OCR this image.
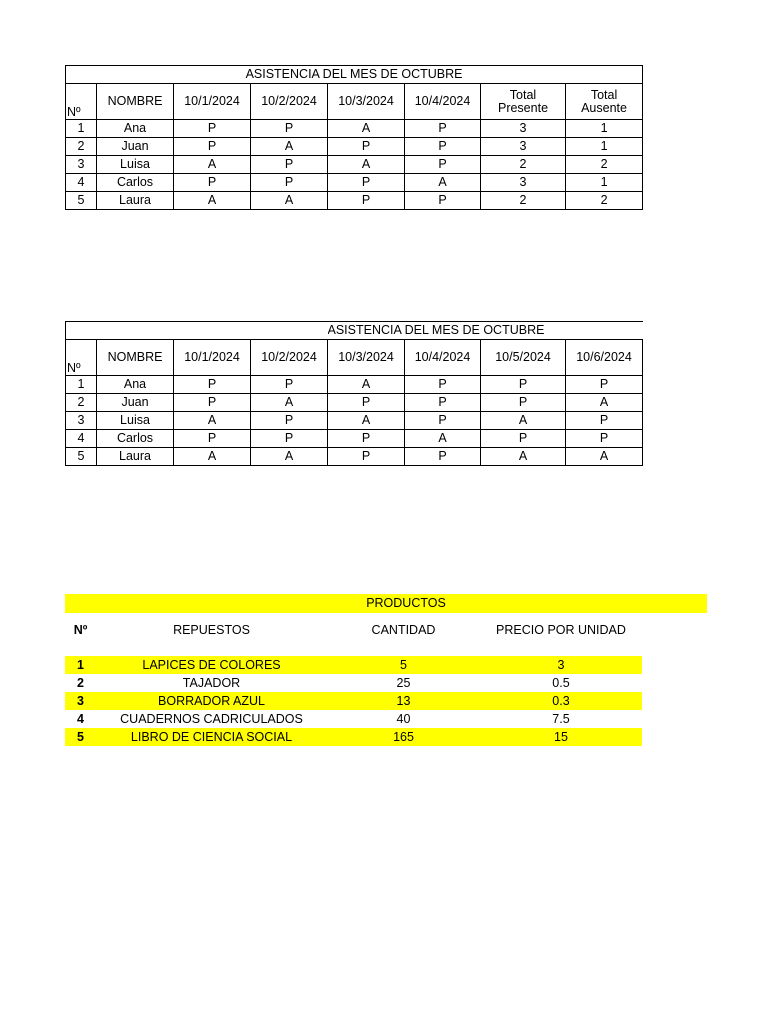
ASISTENCIA DEL MES DE OCTUBRE							
Nº	NOMBRE	10/1/2024	10/2/2024	10/3/2024	10/4/2024	Total Presente	Total Ausente
1	Ana	P	P	A	P	3	1
2	Juan	P	A	P	P	3	1
3	Luisa	A	P	A	P	2	2
4	Carlos	P	P	P	A	3	1
5	Laura	A	A	P	P	2	2
				ASISTENCIA DEL MES DE OCTUBRE			
Nº	NOMBRE	10/1/2024	10/2/2024	10/3/2024	10/4/2024	10/5/2024	10/6/2024
1	Ana	P	P	A	P	P	P
2	Juan	P	A	P	P	P	A
3	Luisa	A	P	A	P	A	P
4	Carlos	P	P	P	A	P	P
5	Laura	A	A	P	P	A	A
PRODUCTOS				
Nº	REPUESTOS	CANTIDAD	PRECIO POR UNIDAD	

1	LAPICES DE COLORES	5	3	
2	TAJADOR	25	0.5	
3	BORRADOR AZUL	13	0.3	
4	CUADERNOS CADRICULADOS	40	7.5	
5	LIBRO DE CIENCIA SOCIAL	165	15	
